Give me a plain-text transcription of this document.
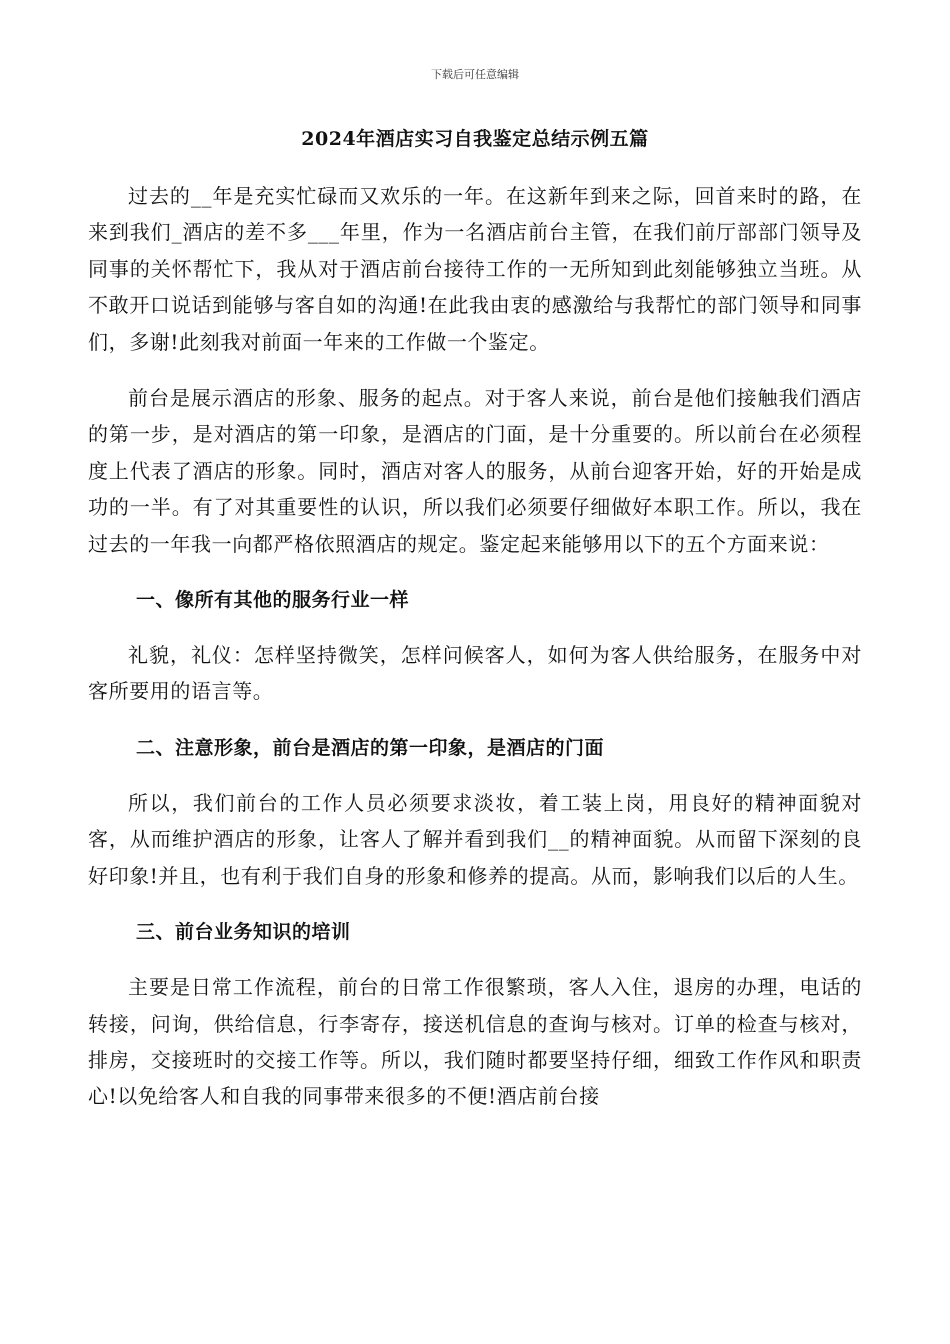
下载后可任意编辑
2024年酒店实习自我鉴定总结示例五篇

过去的__年是充实忙碌而又欢乐的一年。在这新年到来之际，回首来时的路，在来到我们_酒店的差不多___年里，作为一名酒店前台主管，在我们前厅部部门领导及同事的关怀帮忙下，我从对于酒店前台接待工作的一无所知到此刻能够独立当班。从不敢开口说话到能够与客自如的沟通!在此我由衷的感激给与我帮忙的部门领导和同事们，多谢!此刻我对前面一年来的工作做一个鉴定。

前台是展示酒店的形象、服务的起点。对于客人来说，前台是他们接触我们酒店的第一步，是对酒店的第一印象，是酒店的门面，是十分重要的。所以前台在必须程度上代表了酒店的形象。同时，酒店对客人的服务，从前台迎客开始，好的开始是成功的一半。有了对其重要性的认识，所以我们必须要仔细做好本职工作。所以，我在过去的一年我一向都严格依照酒店的规定。鉴定起来能够用以下的五个方面来说：

一、像所有其他的服务行业一样

礼貌，礼仪：怎样坚持微笑，怎样问候客人，如何为客人供给服务，在服务中对客所要用的语言等。

二、注意形象，前台是酒店的第一印象，是酒店的门面

所以，我们前台的工作人员必须要求淡妆，着工装上岗，用良好的精神面貌对客，从而维护酒店的形象，让客人了解并看到我们__的精神面貌。从而留下深刻的良好印象!并且，也有利于我们自身的形象和修养的提高。从而，影响我们以后的人生。

三、前台业务知识的培训

主要是日常工作流程，前台的日常工作很繁琐，客人入住，退房的办理，电话的转接，问询，供给信息，行李寄存，接送机信息的查询与核对。订单的检查与核对，排房，交接班时的交接工作等。所以，我们随时都要坚持仔细，细致工作作风和职责心!以免给客人和自我的同事带来很多的不便!酒店前台接
